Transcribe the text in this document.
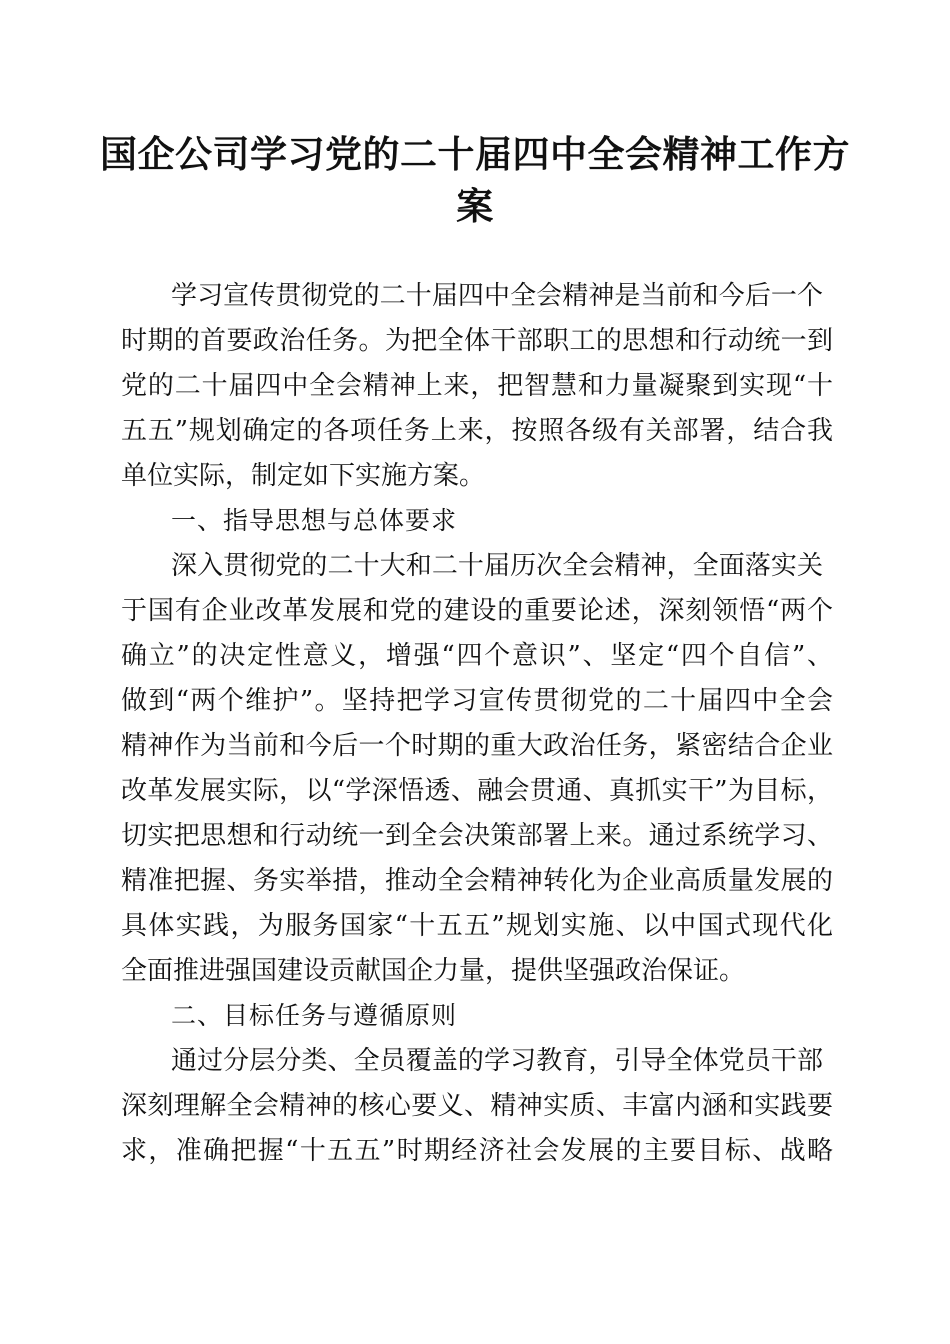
国企公司学习党的二十届四中全会精神工作方案
学习宣传贯彻党的二十届四中全会精神是当前和今后一个
时期的首要政治任务。为把全体干部职工的思想和行动统一到
党的二十届四中全会精神上来，把智慧和力量凝聚到实现“十
五五”规划确定的各项任务上来，按照各级有关部署，结合我
单位实际，制定如下实施方案。
一、指导思想与总体要求
深入贯彻党的二十大和二十届历次全会精神，全面落实关
于国有企业改革发展和党的建设的重要论述，深刻领悟“两个
确立”的决定性意义，增强“四个意识”、坚定“四个自信”、
做到“两个维护”。坚持把学习宣传贯彻党的二十届四中全会
精神作为当前和今后一个时期的重大政治任务，紧密结合企业
改革发展实际，以“学深悟透、融会贯通、真抓实干”为目标，
切实把思想和行动统一到全会决策部署上来。通过系统学习、
精准把握、务实举措，推动全会精神转化为企业高质量发展的
具体实践，为服务国家“十五五”规划实施、以中国式现代化
全面推进强国建设贡献国企力量，提供坚强政治保证。
二、目标任务与遵循原则
通过分层分类、全员覆盖的学习教育，引导全体党员干部
深刻理解全会精神的核心要义、精神实质、丰富内涵和实践要
求，准确把握“十五五”时期经济社会发展的主要目标、战略
